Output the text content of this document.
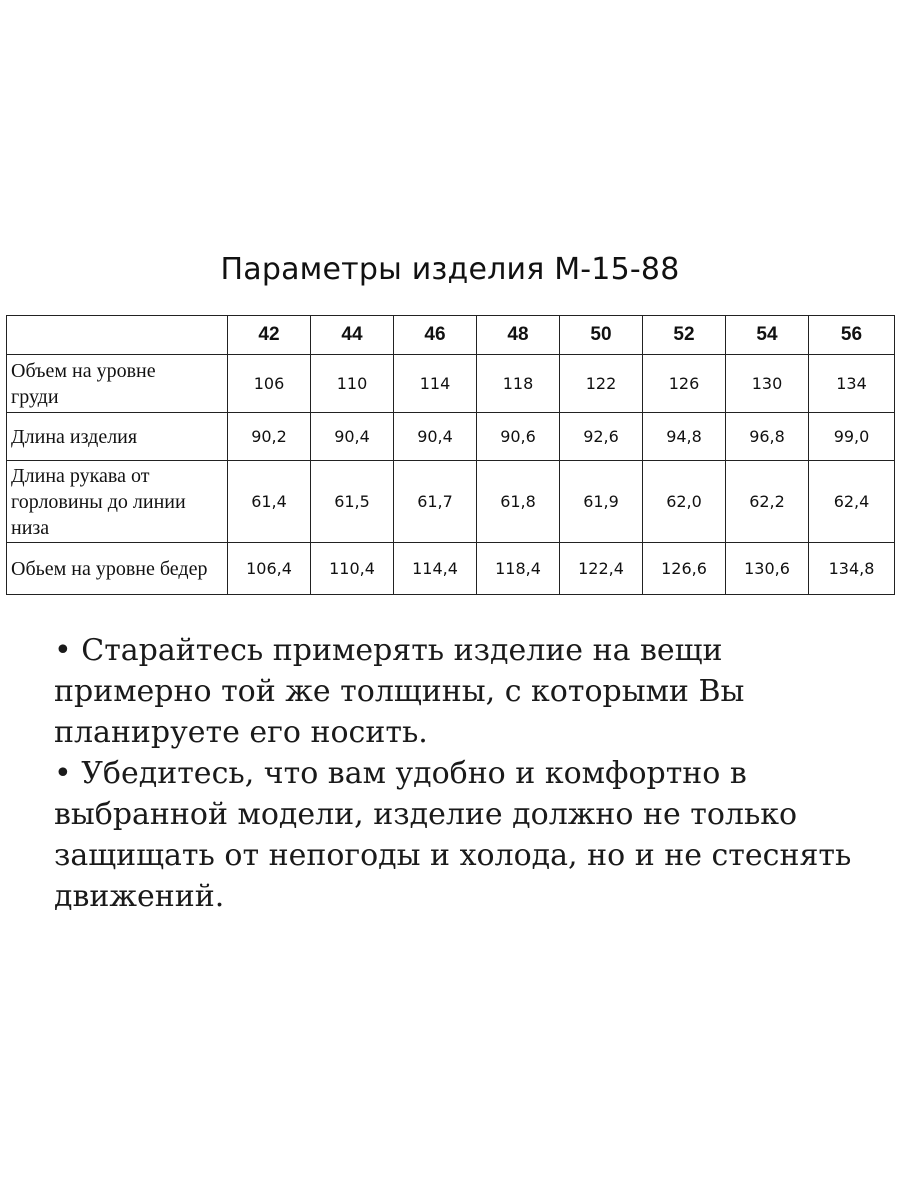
Параметры изделия М-15-88
	42	44	46	48	50	52	54	56

Объем на уровне
груди	106	110	114	118	122	126	130	134

Длина изделия	90,2	90,4	90,4	90,6	92,6	94,8	96,8	99,0

Длина рукава от
горловины до линии
низа	61,4	61,5	61,7	61,8	61,9	62,0	62,2	62,4

Обьем на уровне бедер	106,4	110,4	114,4	118,4	122,4	126,6	130,6	134,8

• Старайтесь примерять изделие на вещи примерно той же толщины, с которыми Вы планируете его носить.

• Убедитесь, что вам удобно и комфортно в выбранной модели, изделие должно не только защищать от непогоды и холода, но и не стеснять движений.
